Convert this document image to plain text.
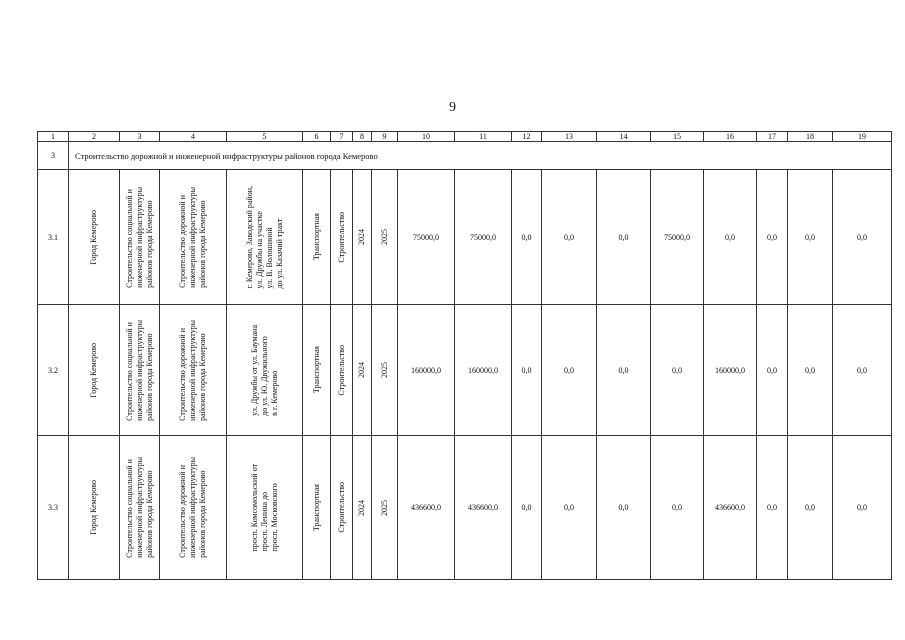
9
1	2	3	4	5	6	7	8	9	10	11	12	13	14	15	16	17	18	19
3	Строительство дорожной и инженерной инфраструктуры районов города Кемерово																	
3.1	Город Кемерово	Строительство социальной и
инженерной инфраструктуры
районов города Кемерово	Строительство дорожной и
инженерной инфраструктуры
районов города Кемерово	г. Кемерово, Заводский район,
ул. Дружбы на участке
ул. В. Волошиной
до ул. Казачий тракт	Транспортная	Строительство	2024	2025	75000,0	75000,0	0,0	0,0	0,0	75000,0	0,0	0,0	0,0	0,0
3.2	Город Кемерово	Строительство социальной и
инженерной инфраструктуры
районов города Кемерово	Строительство дорожной и
инженерной инфраструктуры
районов города Кемерово	ул. Дружбы от ул. Баумана
до ул. Ю. Двужильного
в г. Кемерово	Транспортная	Строительство	2024	2025	160000,0	160000,0	0,0	0,0	0,0	0,0	160000,0	0,0	0,0	0,0
3.3	Город Кемерово	Строительство социальной и
инженерной инфраструктуры
районов города Кемерово	Строительство дорожной и
инженерной инфраструктуры
районов города Кемерово	просп. Комсомольский от
просп. Ленина до
просп. Московского	Транспортная	Строительство	2024	2025	436600,0	436600,0	0,0	0,0	0,0	0,0	436600,0	0,0	0,0	0,0
